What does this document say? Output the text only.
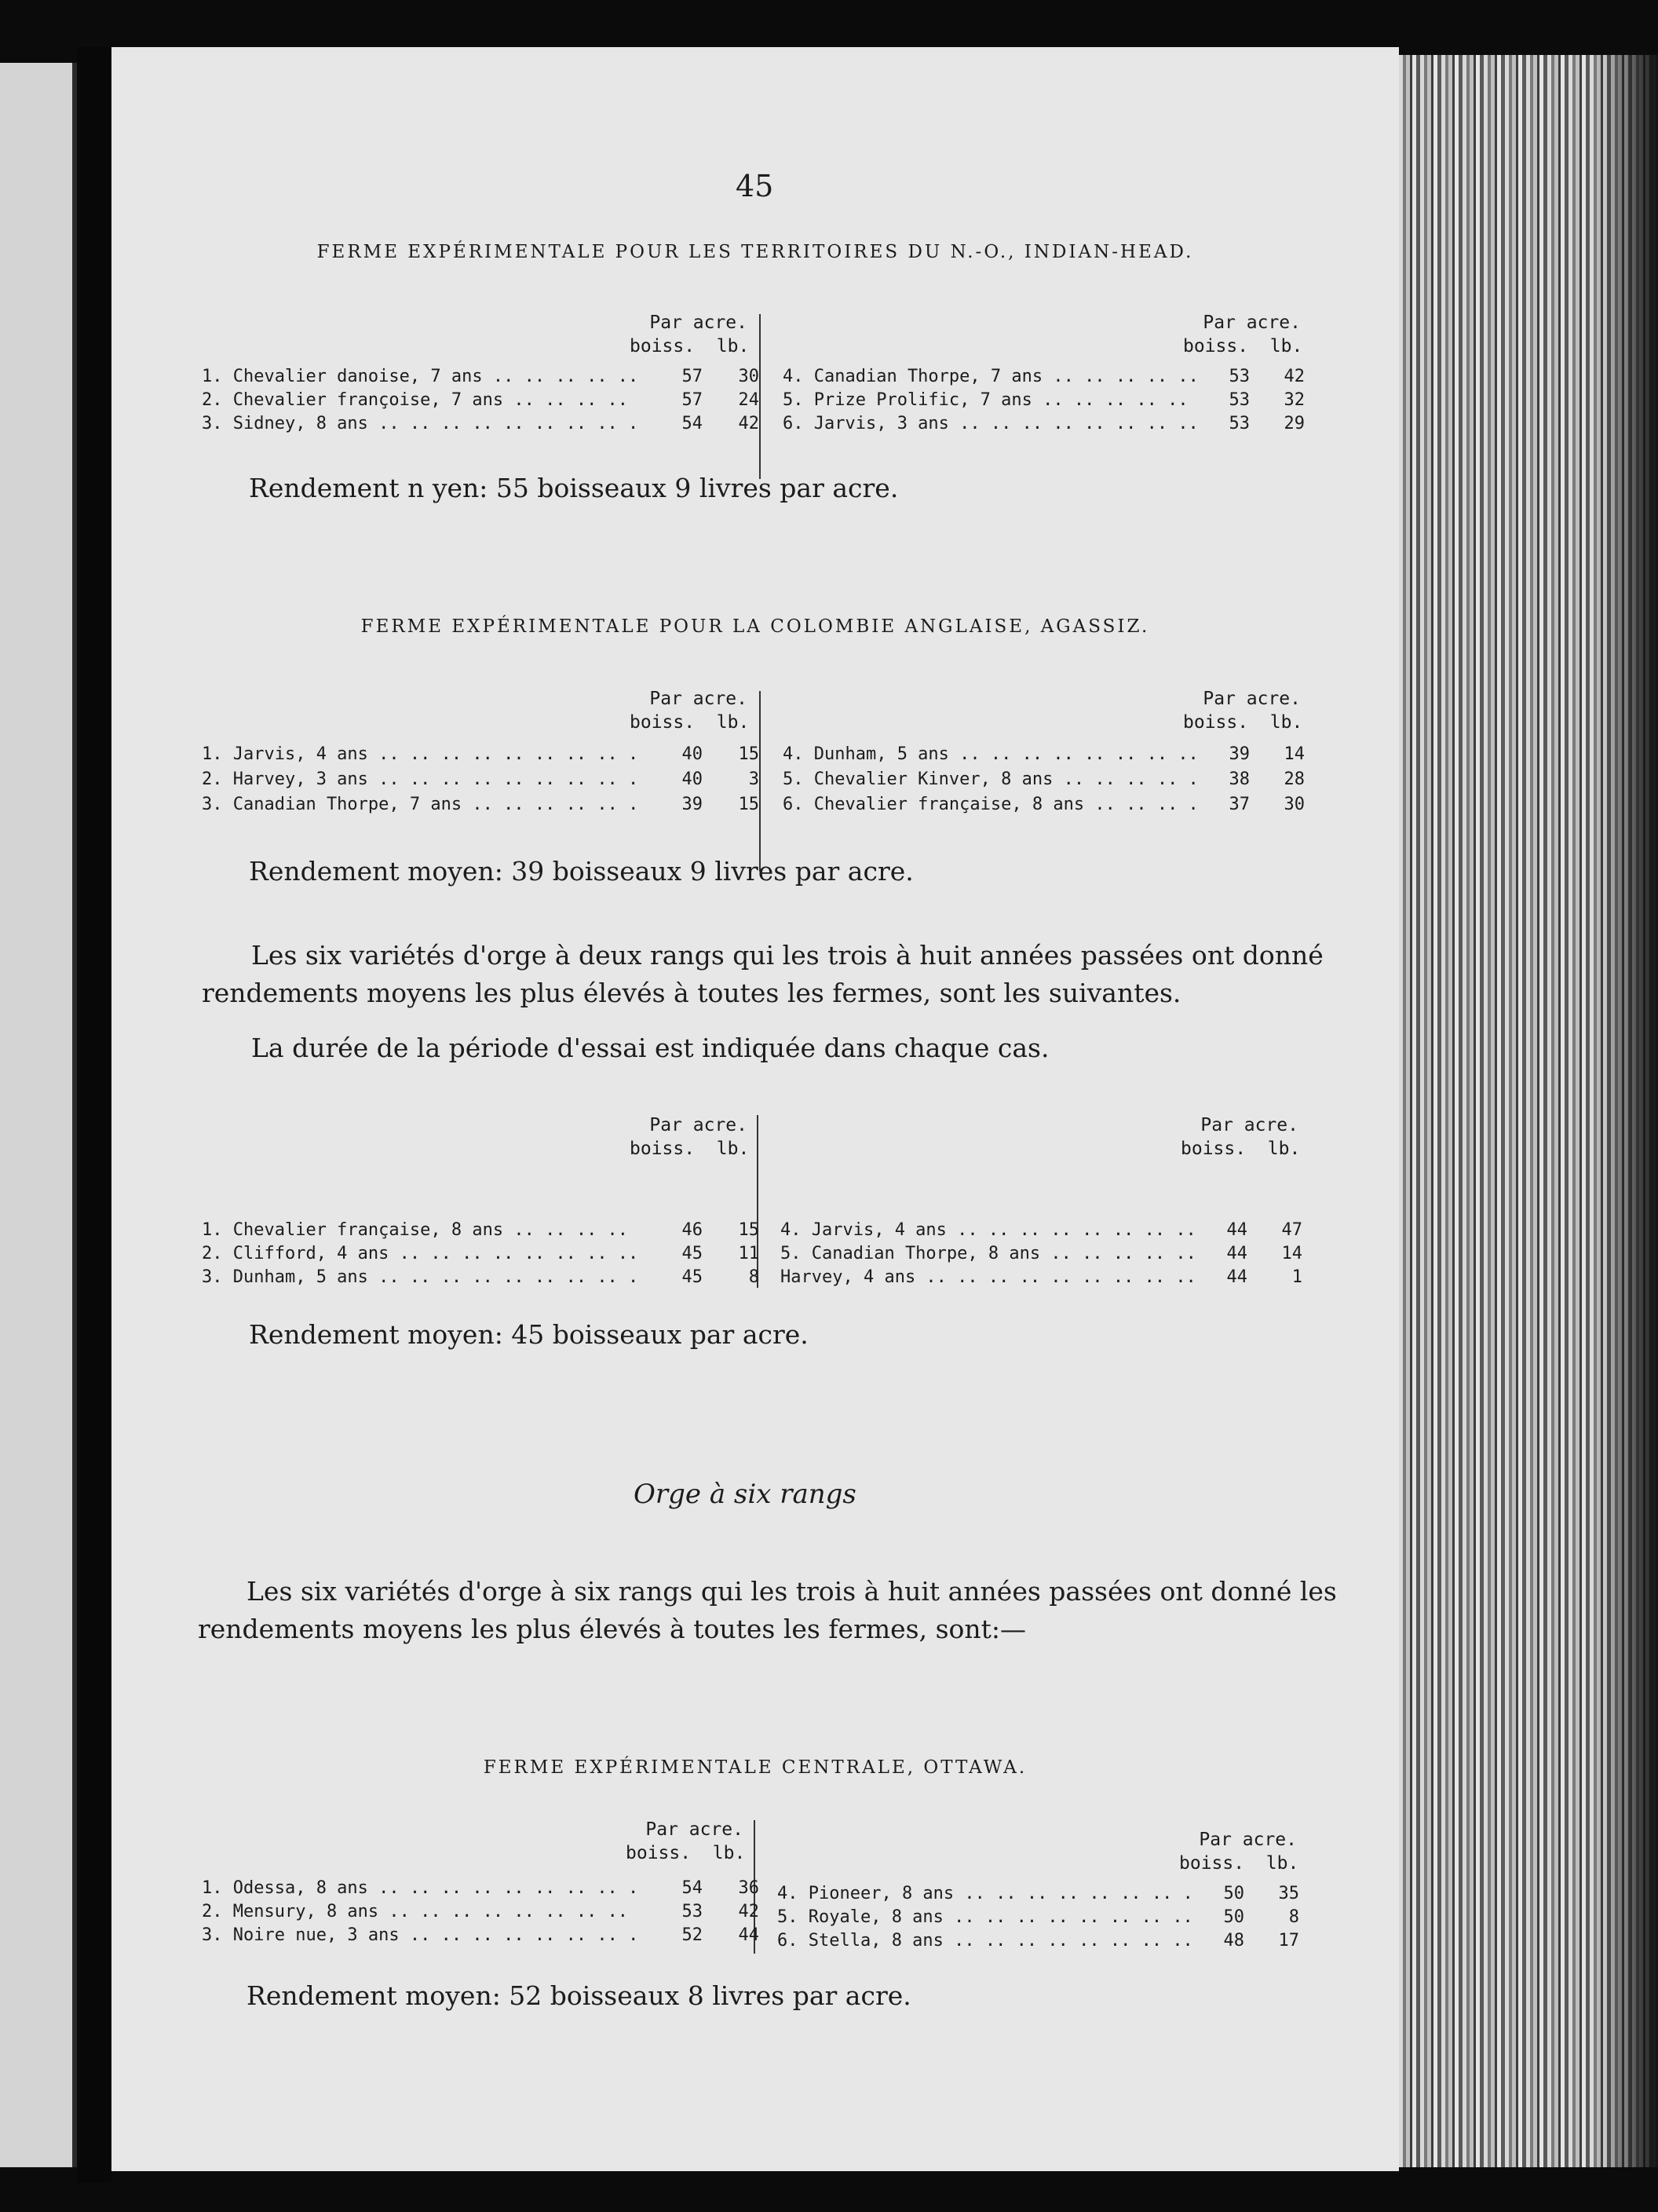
45
FERME EXPÉRIMENTALE POUR LES TERRITOIRES DU N.-O., INDIAN-HEAD.
Par acre.
boiss. lb.
Par acre.
boiss. lb.
1. Chevalier danoise, 7 ans .. ..	57	30
2. Chevalier françoise, 7 ans .. ..	57	24
3. Sidney, 8 ans .. ..	54	42
4. Canadian Thorpe, 7 ans .. ..	53	42
5. Prize Prolific, 7 ans .. ..	53	32
6. Jarvis, 3 ans .. ..	53	29
Rendement n yen: 55 boisseaux 9 livres par acre.
FERME EXPÉRIMENTALE POUR LA COLOMBIE ANGLAISE, AGASSIZ.
Par acre.
boiss. lb.
Par acre.
boiss. lb.
1. Jarvis, 4 ans .. ..	40	15
2. Harvey, 3 ans .. ..	40	3
3. Canadian Thorpe, 7 ans .. ..	39	15
4. Dunham, 5 ans .. ..	39	14
5. Chevalier Kinver, 8 ans .. ..	38	28
6. Chevalier française, 8 ans .. ..	37	30
Rendement moyen: 39 boisseaux 9 livres par acre.
Les six variétés d'orge à deux rangs qui les trois à huit années passées ont donné
rendements moyens les plus élevés à toutes les fermes, sont les suivantes.
La durée de la période d'essai est indiquée dans chaque cas.
Par acre.
boiss. lb.
Par acre.
boiss. lb.
1. Chevalier française, 8 ans .. ..	46	15
2. Clifford, 4 ans .. ..	45	11
3. Dunham, 5 ans .. ..	45	8
4. Jarvis, 4 ans .. ..	44	47
5. Canadian Thorpe, 8 ans .. ..	44	14
Harvey, 4 ans .. ..	44	1
Rendement moyen: 45 boisseaux par acre.
Orge à six rangs
Les six variétés d'orge à six rangs qui les trois à huit années passées ont donné les
rendements moyens les plus élevés à toutes les fermes, sont:—
FERME EXPÉRIMENTALE CENTRALE, OTTAWA.
Par acre.
boiss. lb.
Par acre.
boiss. lb.
1. Odessa, 8 ans .. ..	54	36
2. Mensury, 8 ans .. ..	53	42
3. Noire nue, 3 ans .. ..	52	44
4. Pioneer, 8 ans .. ..	50	35
5. Royale, 8 ans .. ..	50	8
6. Stella, 8 ans .. ..	48	17
Rendement moyen: 52 boisseaux 8 livres par acre.
